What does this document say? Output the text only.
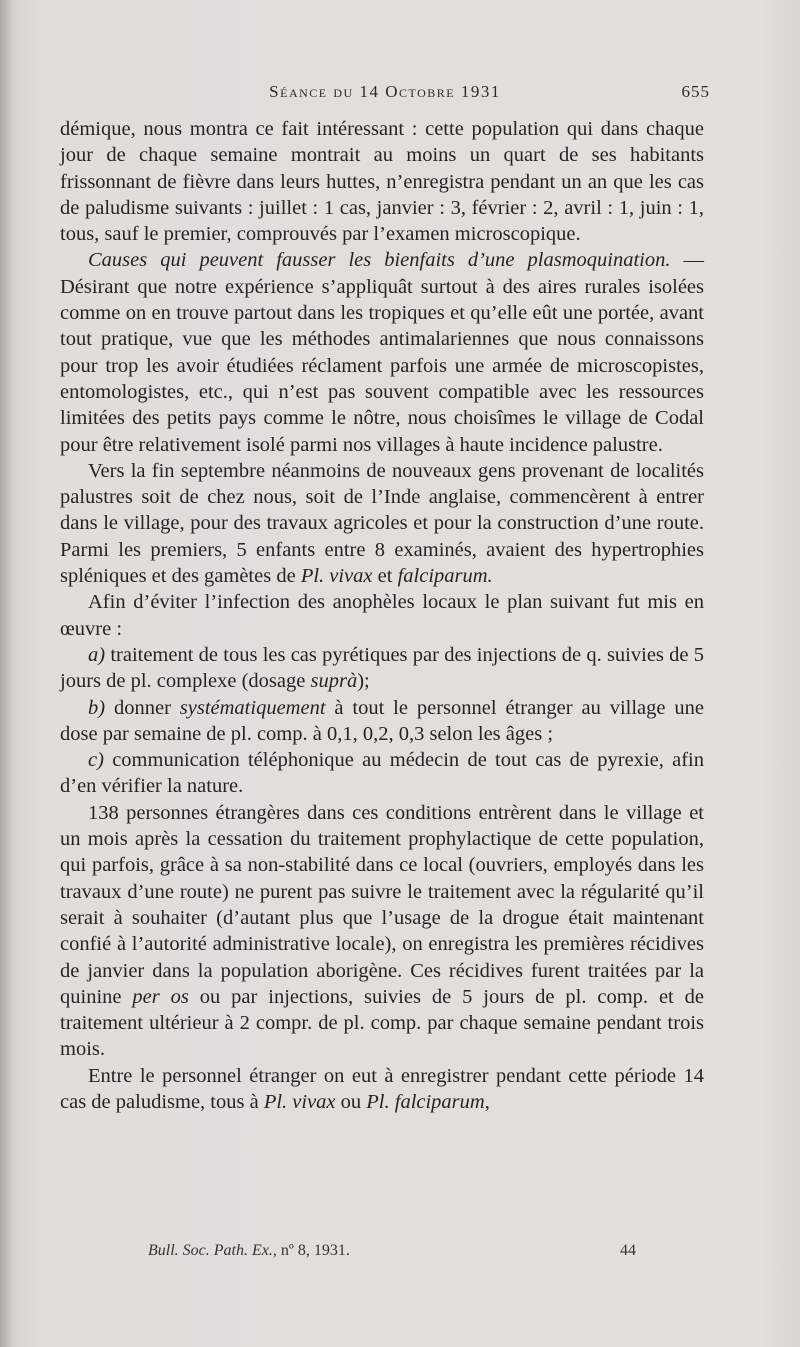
Séance du 14 Octobre 1931	655

démique, nous montra ce fait intéressant : cette population qui dans chaque jour de chaque semaine montrait au moins un quart de ses habitants frissonnant de fièvre dans leurs huttes, n’enregistra pendant un an que les cas de paludisme suivants : juillet : 1 cas, janvier : 3, février : 2, avril : 1, juin : 1, tous, sauf le premier, comprouvés par l’examen microscopique.

Causes qui peuvent fausser les bienfaits d’une plasmoquination. — Désirant que notre expérience s’appliquât surtout à des aires rurales isolées comme on en trouve partout dans les tropiques et qu’elle eût une portée, avant tout pratique, vue que les méthodes antimalariennes que nous connaissons pour trop les avoir étudiées réclament parfois une armée de microscopistes, entomologistes, etc., qui n’est pas souvent compatible avec les ressources limitées des petits pays comme le nôtre, nous choisîmes le village de Codal pour être relativement isolé parmi nos villages à haute incidence palustre.

Vers la fin septembre néanmoins de nouveaux gens provenant de localités palustres soit de chez nous, soit de l’Inde anglaise, commencèrent à entrer dans le village, pour des travaux agricoles et pour la construction d’une route. Parmi les premiers, 5 enfants entre 8 examinés, avaient des hypertrophies spléniques et des gamètes de Pl. vivax et falciparum.

Afin d’éviter l’infection des anophèles locaux le plan suivant fut mis en œuvre :

a) traitement de tous les cas pyrétiques par des injections de q. suivies de 5 jours de pl. complexe (dosage suprà);

b) donner systématiquement à tout le personnel étranger au village une dose par semaine de pl. comp. à 0,1, 0,2, 0,3 selon les âges ;

c) communication téléphonique au médecin de tout cas de pyrexie, afin d’en vérifier la nature.

138 personnes étrangères dans ces conditions entrèrent dans le village et un mois après la cessation du traitement prophylactique de cette population, qui parfois, grâce à sa non-stabilité dans ce local (ouvriers, employés dans les travaux d’une route) ne purent pas suivre le traitement avec la régularité qu’il serait à souhaiter (d’autant plus que l’usage de la drogue était maintenant confié à l’autorité administrative locale), on enregistra les premières récidives de janvier dans la population aborigène. Ces récidives furent traitées par la quinine per os ou par injections, suivies de 5 jours de pl. comp. et de traitement ultérieur à 2 compr. de pl. comp. par chaque semaine pendant trois mois.

Entre le personnel étranger on eut à enregistrer pendant cette période 14 cas de paludisme, tous à Pl. vivax ou Pl. falciparum,

Bull. Soc. Path. Ex., nº 8, 1931.	44
